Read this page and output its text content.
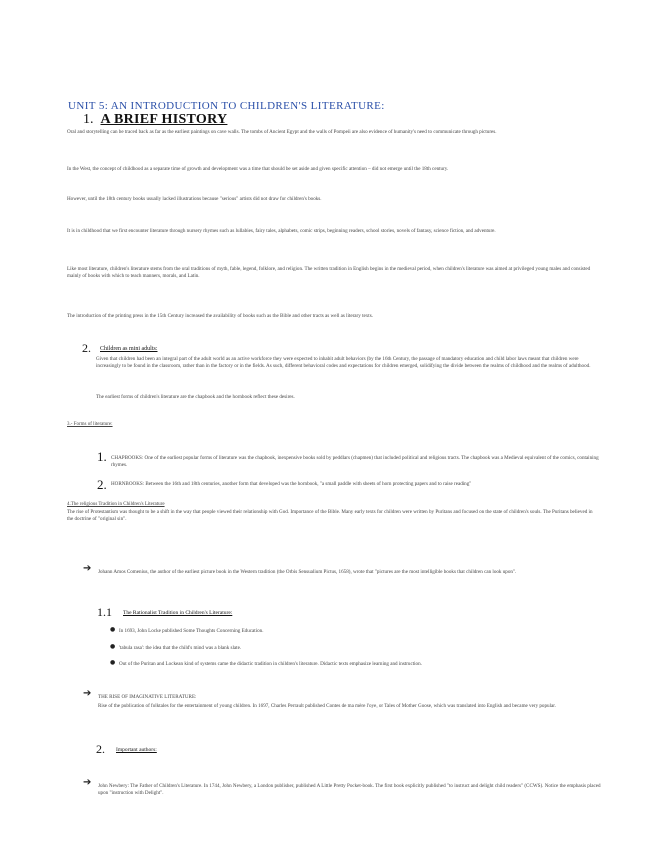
UNIT 5: AN INTRODUCTION TO CHILDREN'S LITERATURE:
1. A BRIEF HISTORY
Oral and storytelling can be traced back as far as the earliest paintings on cave walls. The tombs of Ancient Egypt and the walls of Pompeii are also evidence of humanity's need to communicate through pictures.
In the West, the concept of childhood as a separate time of growth and development was a time that should be set aside and given specific attention – did not emerge until the 18th century.
However, until the 18th century books usually lacked illustrations because "serious" artists did not draw for children's books.
It is in childhood that we first encounter literature through nursery rhymes such as lullabies, fairy tales, alphabets, comic strips, beginning readers, school stories, novels of fantasy, science fiction, and adventure.
Like most literature, children's literature stems from the oral traditions of myth, fable, legend, folklore, and religion. The written tradition in English begins in the medieval period, when children's literature was aimed at privileged young males and consisted mainly of books with which to teach manners, morals, and Latin.
The introduction of the printing press in the 15th Century increased the availability of books such as the Bible and other tracts as well as literary texts.
2. Children as mini adults:
Given that children had been an integral part of the adult world as an active workforce they were expected to inhabit adult behaviors (by the 16th Century, the passage of mandatory education and child labor laws meant that children were increasingly to be found in the classroom, rather than in the factory or in the fields. As such, different behavioral codes and expectations for children emerged, solidifying the divide between the realms of childhood and the realms of adulthood.
The earliest forms of children's literature are the chapbook and the hornbook reflect these desires.
3.- Forms of literature:
1. CHAPBOOKS: One of the earliest popular forms of literature was the chapbook, inexpensive books sold by peddlars (chapmen) that included political and religious tracts. The chapbook was a Medieval equivalent of the comics, containing rhymes.
2. HORNBOOKS: Between the 16th and 18th centuries, another form that developed was the hornbook, "a small paddle with sheets of horn protecting papers and to raise reading"
4.The religious Tradition in Children's Literature
The rise of Protestantism was thought to be a shift in the way that people viewed their relationship with God. Importance of the Bible. Many early texts for children were written by Puritans and focused on the state of children's souls. The Puritans believed in the doctrine of "original sin".
➔ Johann Amos Comenius, the author of the earliest picture book in the Western tradition (the Orbis Sensualium Pictus, 1658), wrote that "pictures are the most intelligible books that children can look upon".
1.1 The Rationalist Tradition in Children's Literature:
● In 1693, John Locke published Some Thoughts Concerning Education.
● 'tabula rasa': the idea that the child's mind was a blank slate.
● Out of the Puritan and Lockean kind of systems came the didactic tradition in children's literature. Didactic texts emphasize learning and instruction.
➔ THE RISE OF IMAGINATIVE LITERATURE:
Rise of the publication of folktales for the entertainment of young children. In 1697, Charles Perrault published Contes de ma mère l'oye, or Tales of Mother Goose, which was translated into English and became very popular.
2. Important authors:
➔ John Newbery: The Father of Children's Literature. In 1744, John Newbery, a London publisher, published A Little Pretty Pocket-book. The first book explicitly published "to instruct and delight child readers" (CCWS). Notice the emphasis placed upon "instruction with Delight".
